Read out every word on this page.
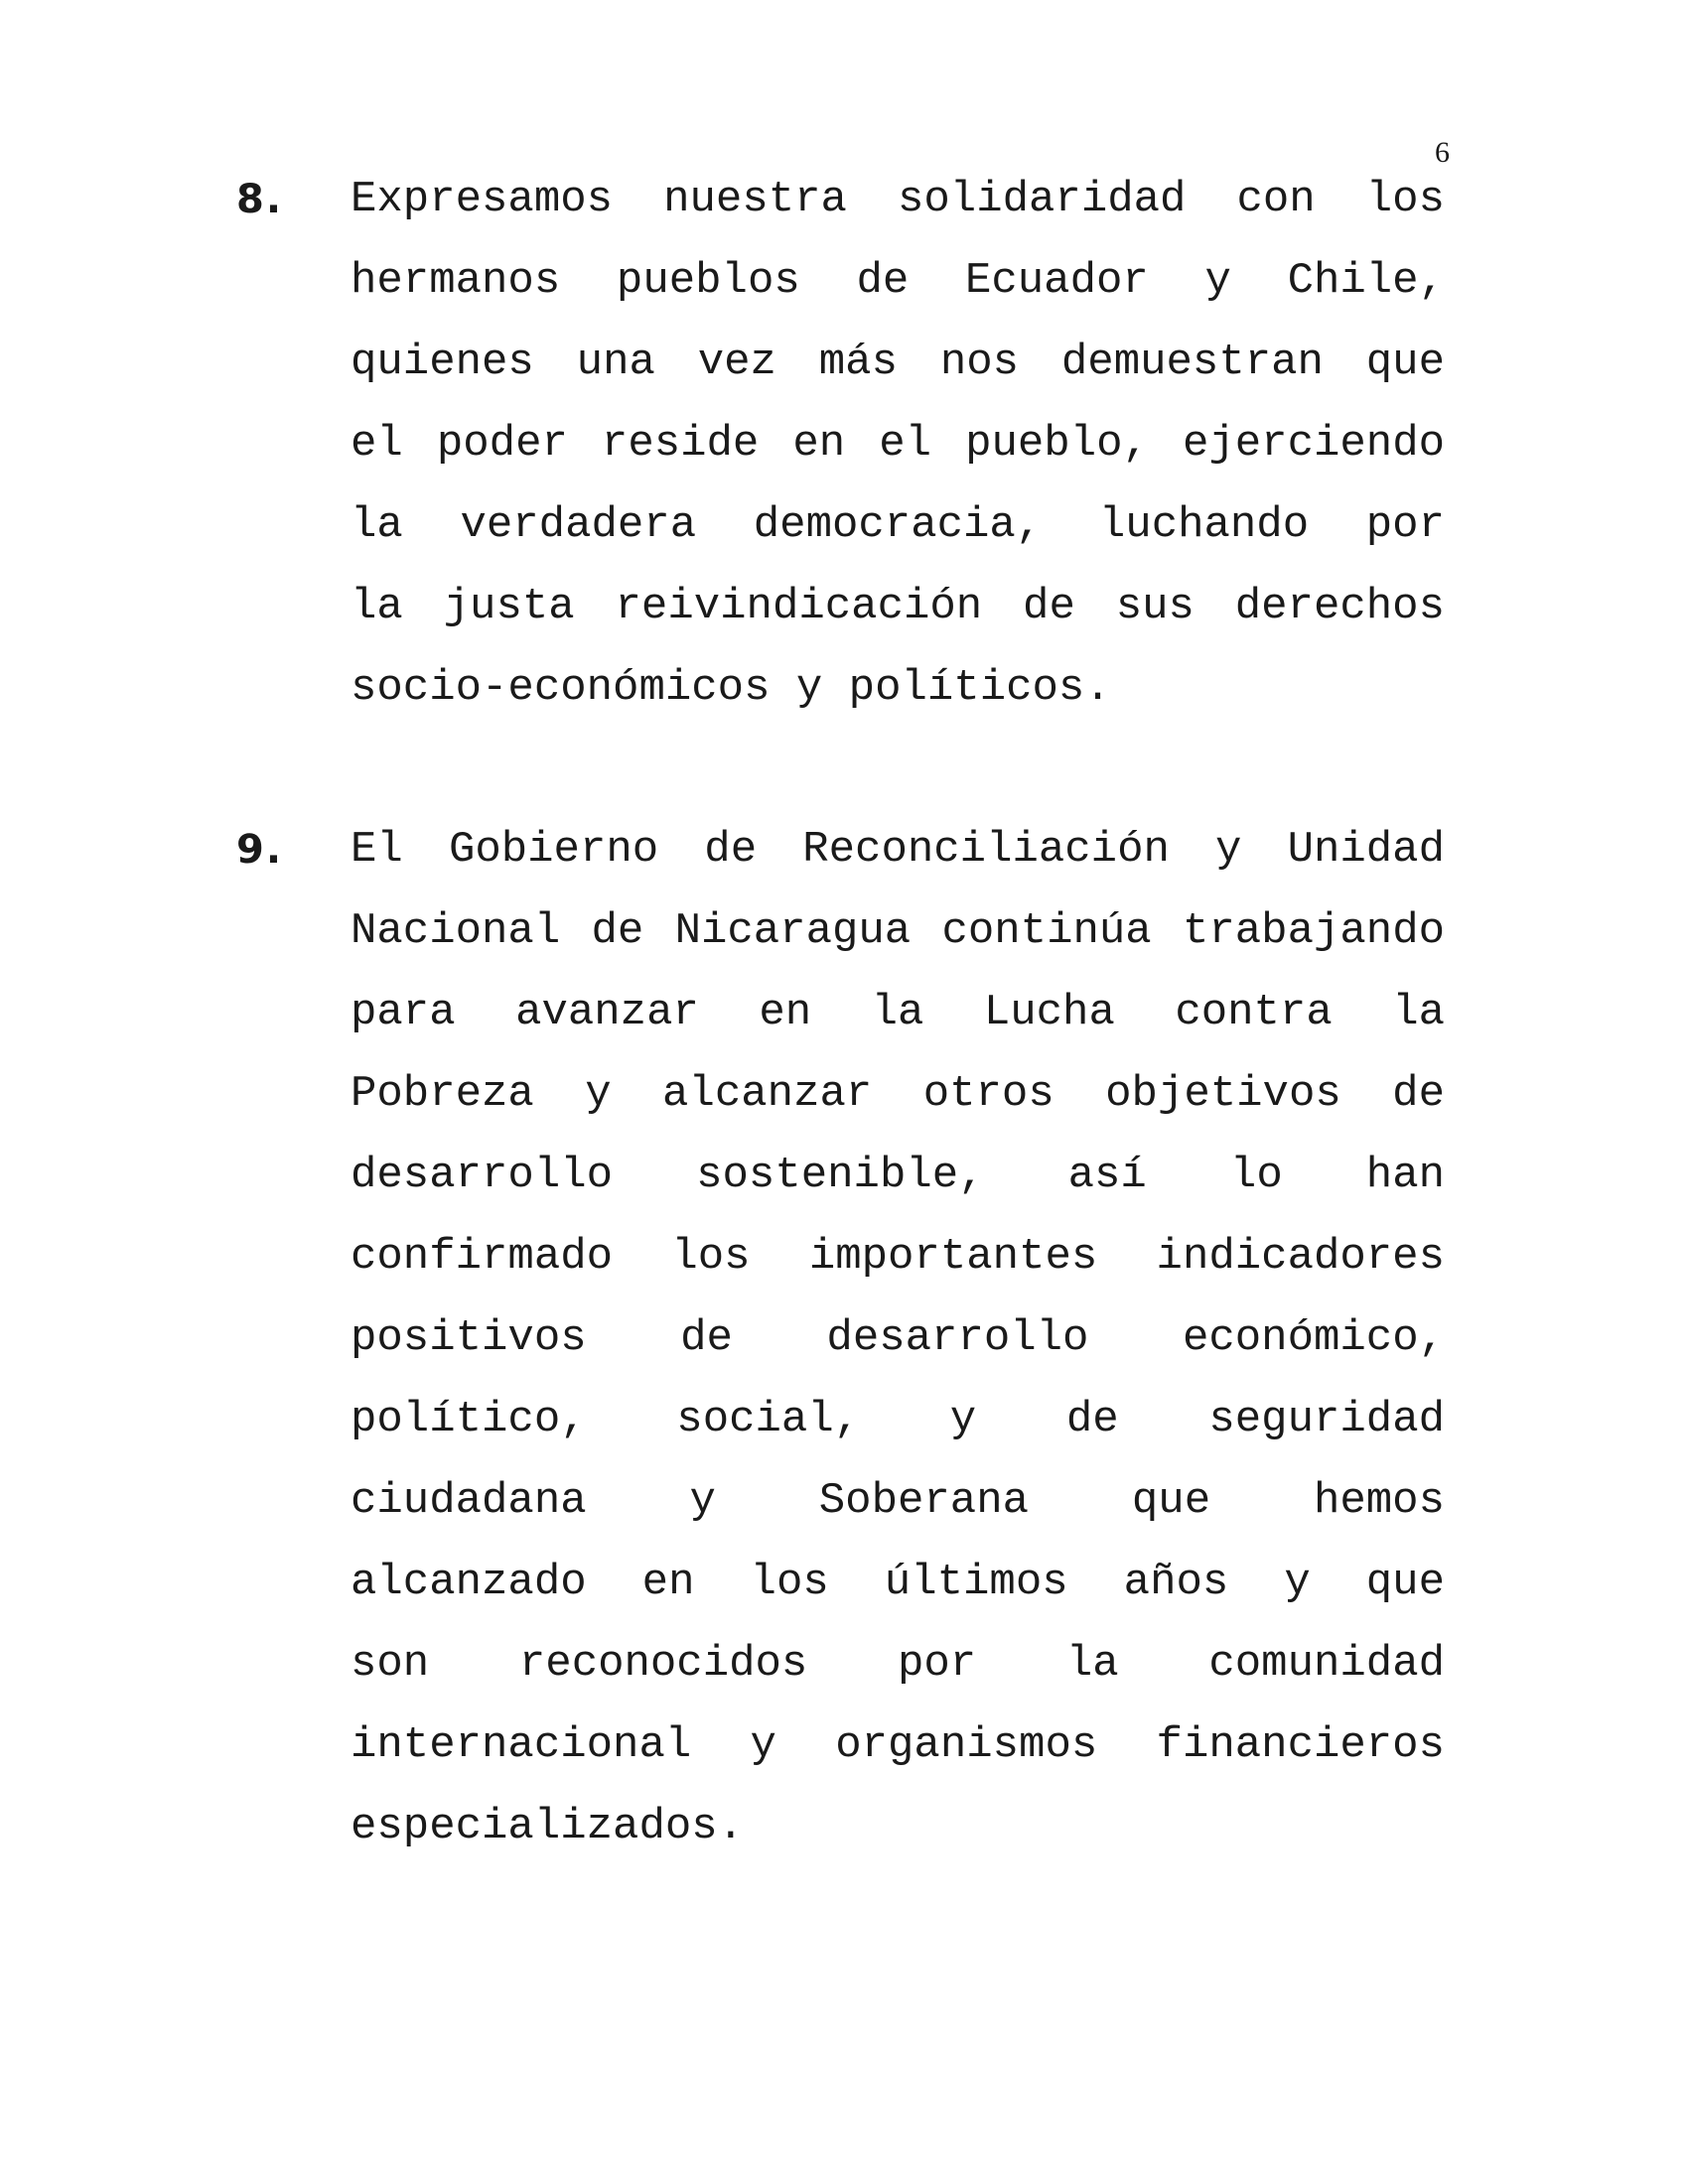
6
8. Expresamos nuestra solidaridad con los
hermanos pueblos de Ecuador y Chile,
quienes una vez más nos demuestran que
el poder reside en el pueblo, ejerciendo
la verdadera democracia, luchando por
la justa reivindicación de sus derechos
socio-económicos y políticos.
9. El Gobierno de Reconciliación y Unidad
Nacional de Nicaragua continúa trabajando
para avanzar en la Lucha contra la
Pobreza y alcanzar otros objetivos de
desarrollo sostenible, así lo han
confirmado los importantes indicadores
positivos de desarrollo económico,
político, social, y de seguridad
ciudadana y Soberana que hemos
alcanzado en los últimos años y que
son reconocidos por la comunidad
internacional y organismos financieros
especializados.
